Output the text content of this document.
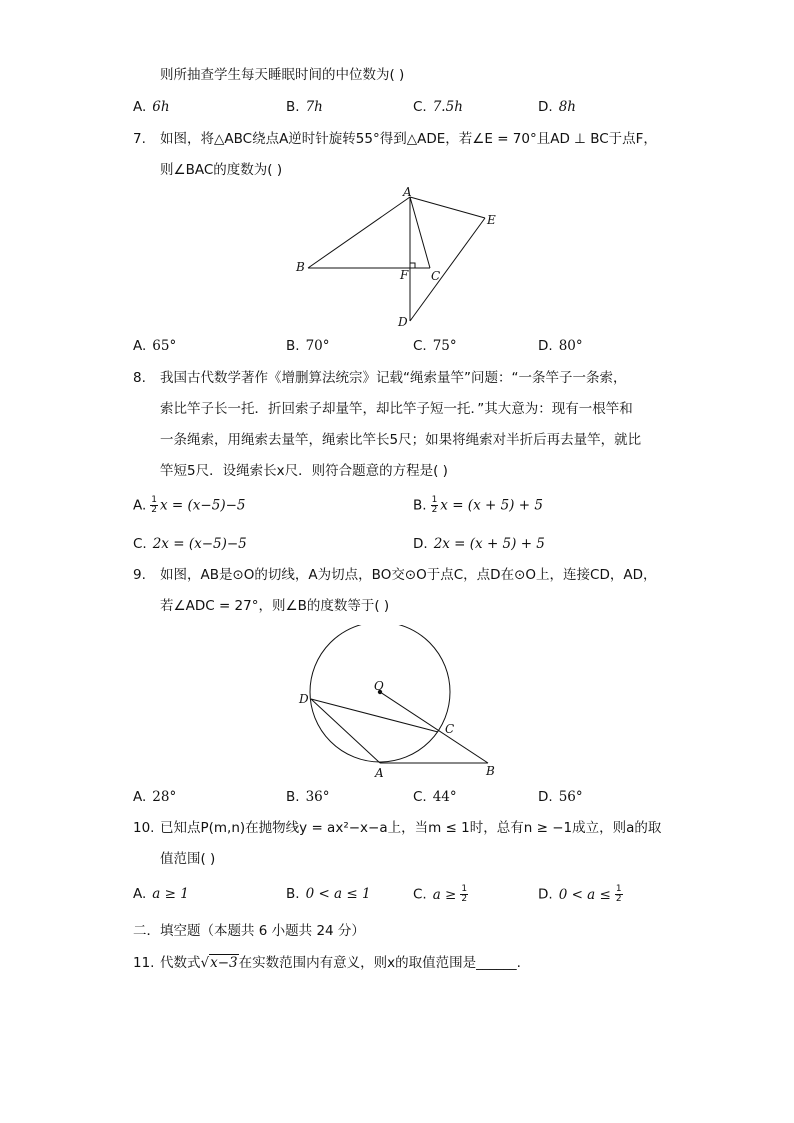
则所抽查学生每天睡眠时间的中位数为( )
A. 6h	B. 7h	C. 7.5h	D. 8h
7. 如图，将△ABC绕点A逆时针旋转55°得到△ADE，若∠E = 70°且AD ⊥ BC于点F，
则∠BAC的度数为( )
A
B
C
D
E
F
A. 65°	B. 70°	C. 75°	D. 80°
8. 我国古代数学著作《增删算法统宗》记载“绳索量竿”问题：“一条竿子一条索，
索比竿子长一托．折回索子却量竿，却比竿子短一托．”其大意为：现有一根竿和
一条绳索，用绳索去量竿，绳索比竿长5尺；如果将绳索对半折后再去量竿，就比
竿短5尺．设绳索长x尺．则符合题意的方程是( )
A. $\frac{1}{2}$ x = (x−5)−5	B. $\frac{1}{2}$ x = (x + 5) + 5
C. 2x = (x−5)−5	D. 2x = (x + 5) + 5
9. 如图，AB是⊙O的切线，A为切点，BO交⊙O于点C，点D在⊙O上，连接CD，AD，
若∠ADC = 27°，则∠B的度数等于( )
O
D
C
A	B
A. 28°	B. 36°	C. 44°	D. 56°
10. 已知点P(m,n)在抛物线y = ax²−x−a上，当m ≤ 1时，总有n ≥ −1成立，则a的取
值范围( )
A. a ≥ 1	B. 0 < a ≤ 1	C. $a \ge \frac{1}{2}$	D. $0 < a \le \frac{1}{2}$
二．填空题（本题共 6 小题共 24 分）
11. 代数式√x−3在实数范围内有意义，则x的取值范围是______.
